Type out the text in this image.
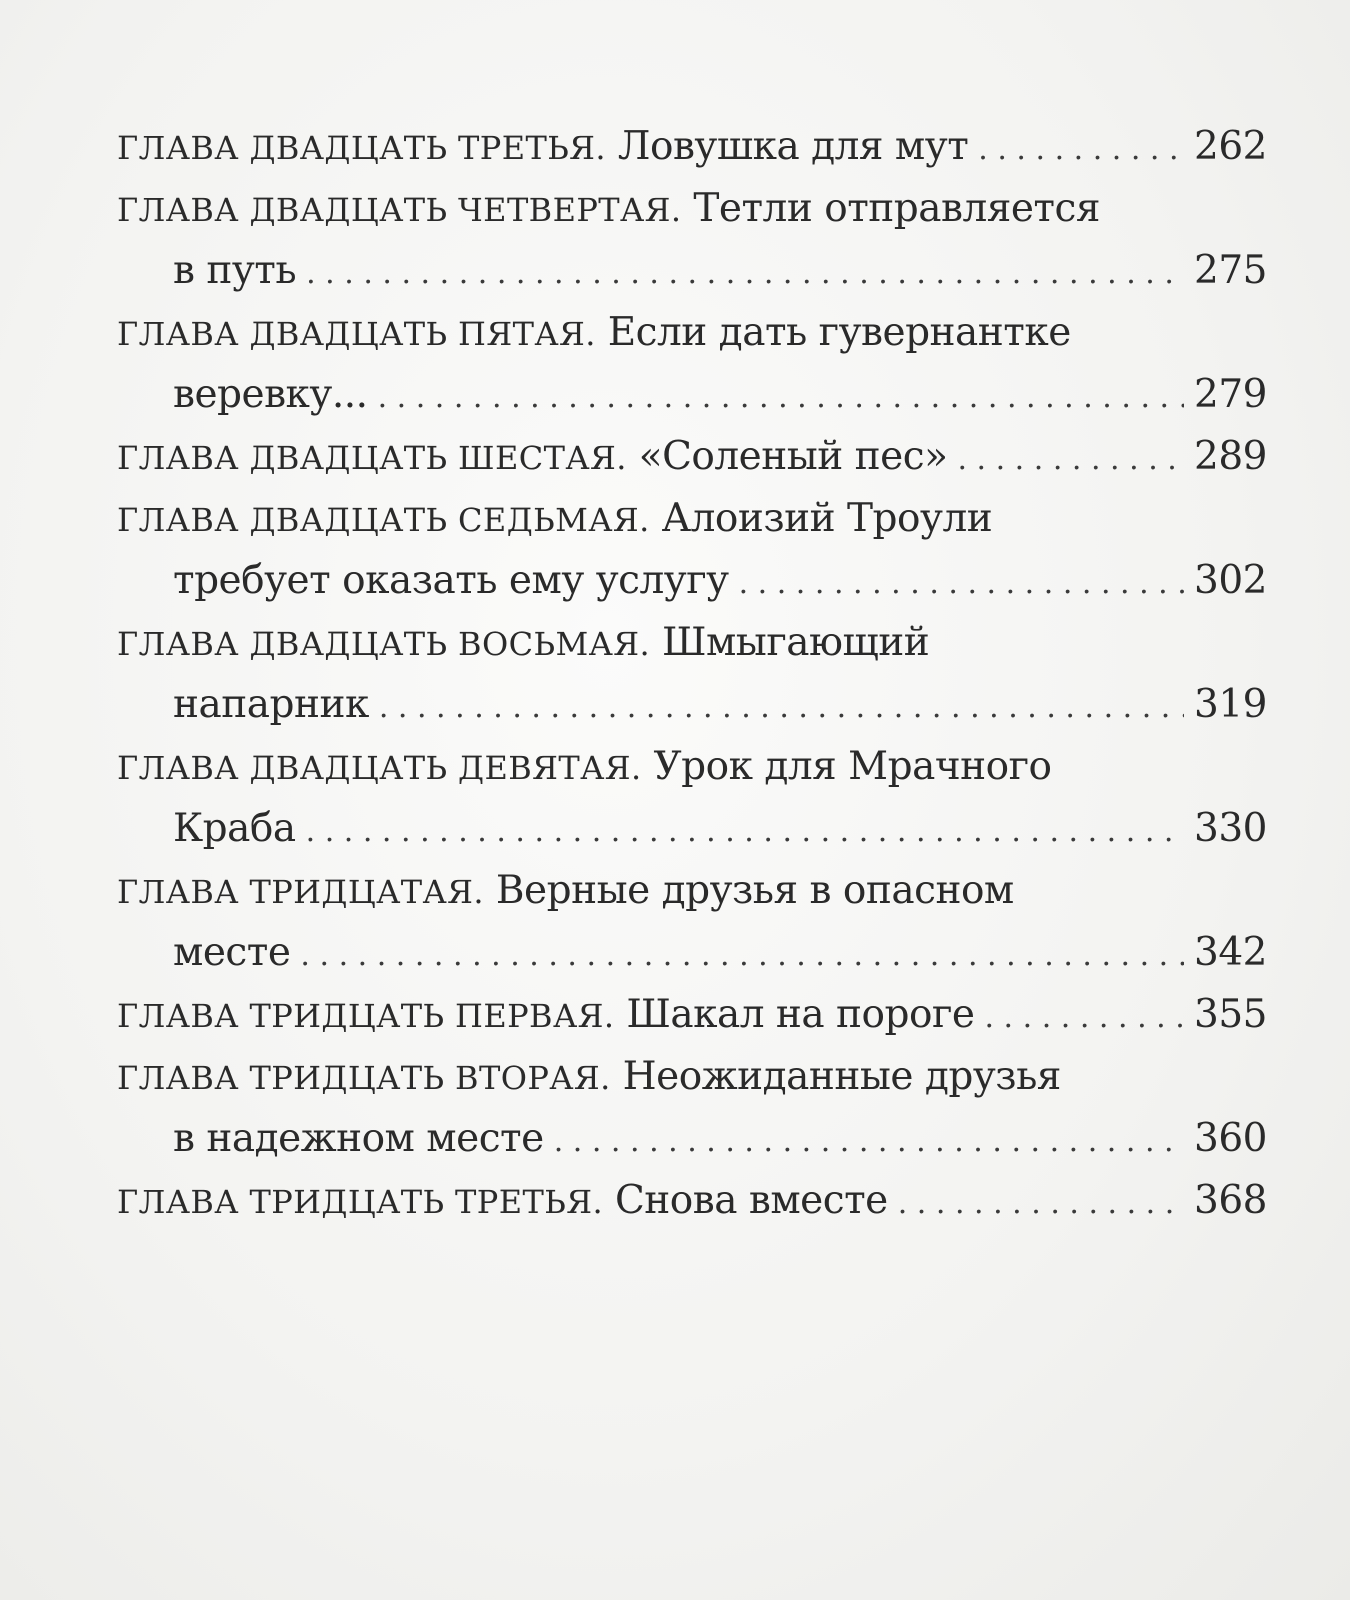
ГЛАВА ДВАДЦАТЬ ТРЕТЬЯ. Ловушка для мут . . .	262
ГЛАВА ДВАДЦАТЬ ЧЕТВЕРТАЯ. Тетли отправляется
в путь . . .	275
ГЛАВА ДВАДЦАТЬ ПЯТАЯ. Если дать гувернантке
веревку... . . .	279
ГЛАВА ДВАДЦАТЬ ШЕСТАЯ. «Соленый пес» . . .	289
ГЛАВА ДВАДЦАТЬ СЕДЬМАЯ. Алоизий Троули
требует оказать ему услугу . . .	302
ГЛАВА ДВАДЦАТЬ ВОСЬМАЯ. Шмыгающий
напарник . . .	319
ГЛАВА ДВАДЦАТЬ ДЕВЯТАЯ. Урок для Мрачного
Краба . . .	330
ГЛАВА ТРИДЦАТАЯ. Верные друзья в опасном
месте . . .	342
ГЛАВА ТРИДЦАТЬ ПЕРВАЯ. Шакал на пороге . . .	355
ГЛАВА ТРИДЦАТЬ ВТОРАЯ. Неожиданные друзья
в надежном месте . . .	360
ГЛАВА ТРИДЦАТЬ ТРЕТЬЯ. Снова вместе . . .	368
